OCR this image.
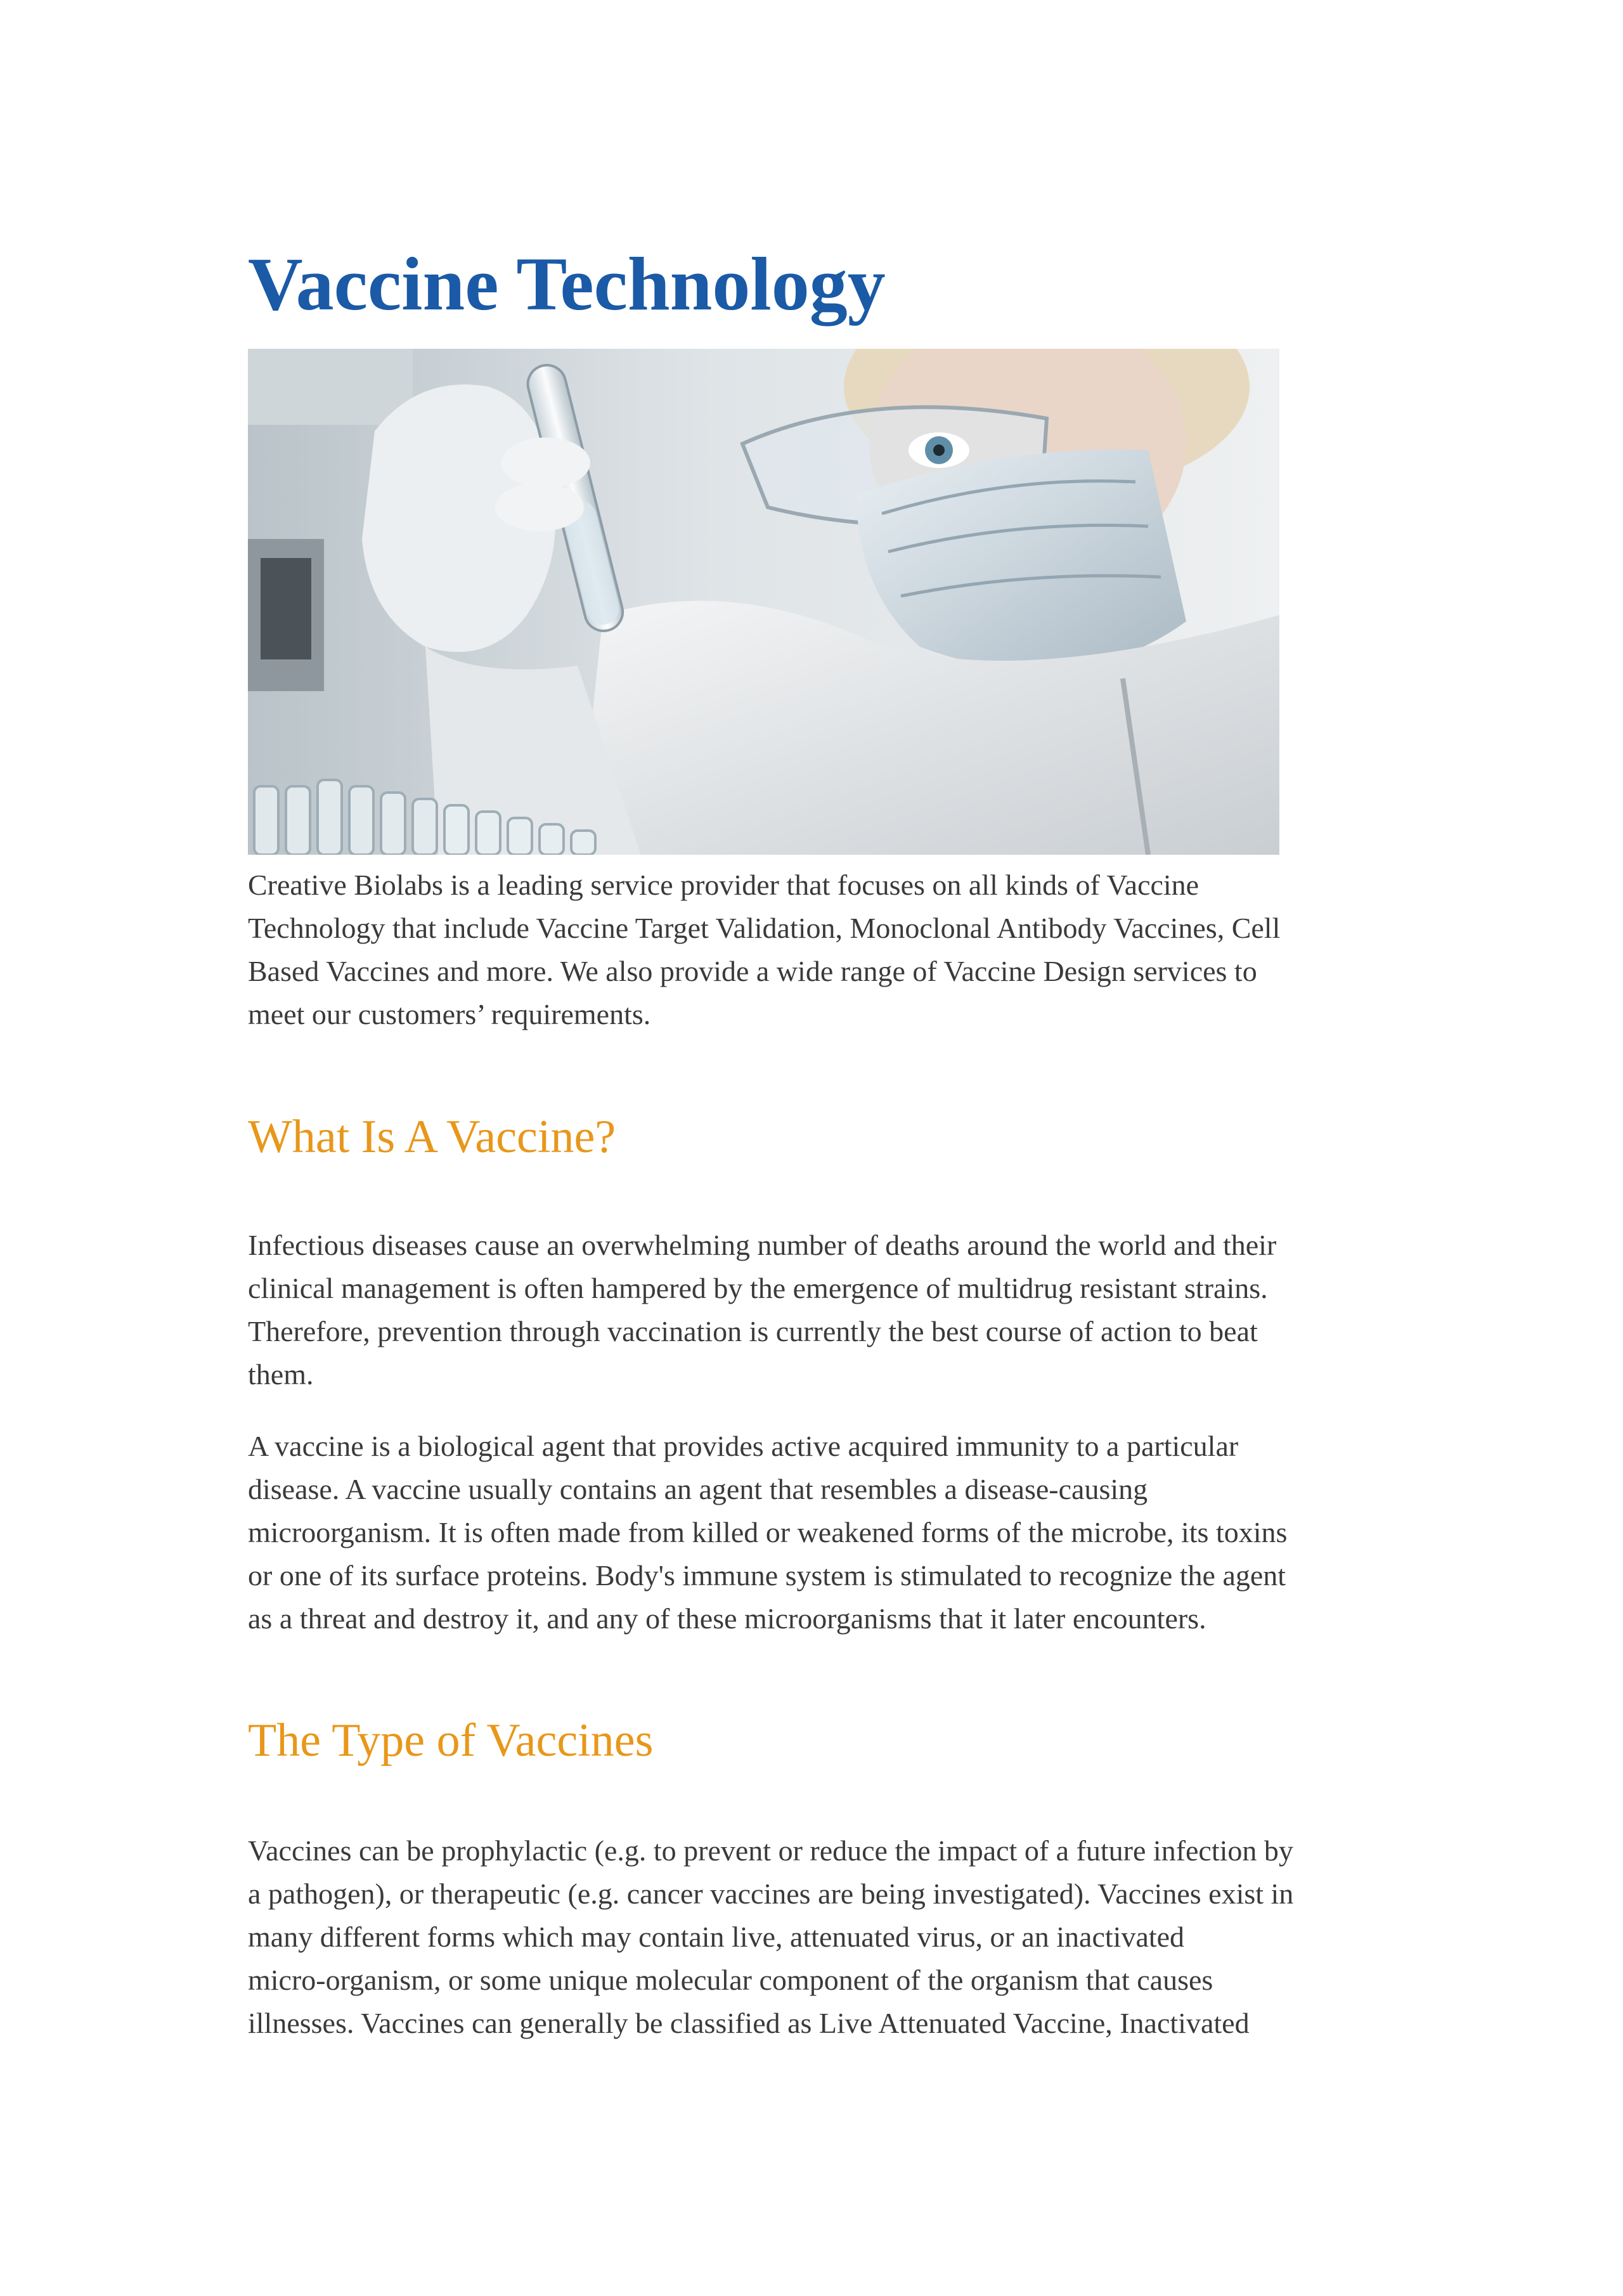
Vaccine Technology

Creative Biolabs is a leading service provider that focuses on all kinds of Vaccine
Technology that include Vaccine Target Validation, Monoclonal Antibody Vaccines, Cell
Based Vaccines and more. We also provide a wide range of Vaccine Design services to
meet our customers’ requirements.

What Is A Vaccine?

Infectious diseases cause an overwhelming number of deaths around the world and their
clinical management is often hampered by the emergence of multidrug resistant strains.
Therefore, prevention through vaccination is currently the best course of action to beat
them.

A vaccine is a biological agent that provides active acquired immunity to a particular
disease. A vaccine usually contains an agent that resembles a disease-causing
microorganism. It is often made from killed or weakened forms of the microbe, its toxins
or one of its surface proteins. Body's immune system is stimulated to recognize the agent
as a threat and destroy it, and any of these microorganisms that it later encounters.

The Type of Vaccines

Vaccines can be prophylactic (e.g. to prevent or reduce the impact of a future infection by
a pathogen), or therapeutic (e.g. cancer vaccines are being investigated). Vaccines exist in
many different forms which may contain live, attenuated virus, or an inactivated
micro-organism, or some unique molecular component of the organism that causes
illnesses. Vaccines can generally be classified as Live Attenuated Vaccine, Inactivated
